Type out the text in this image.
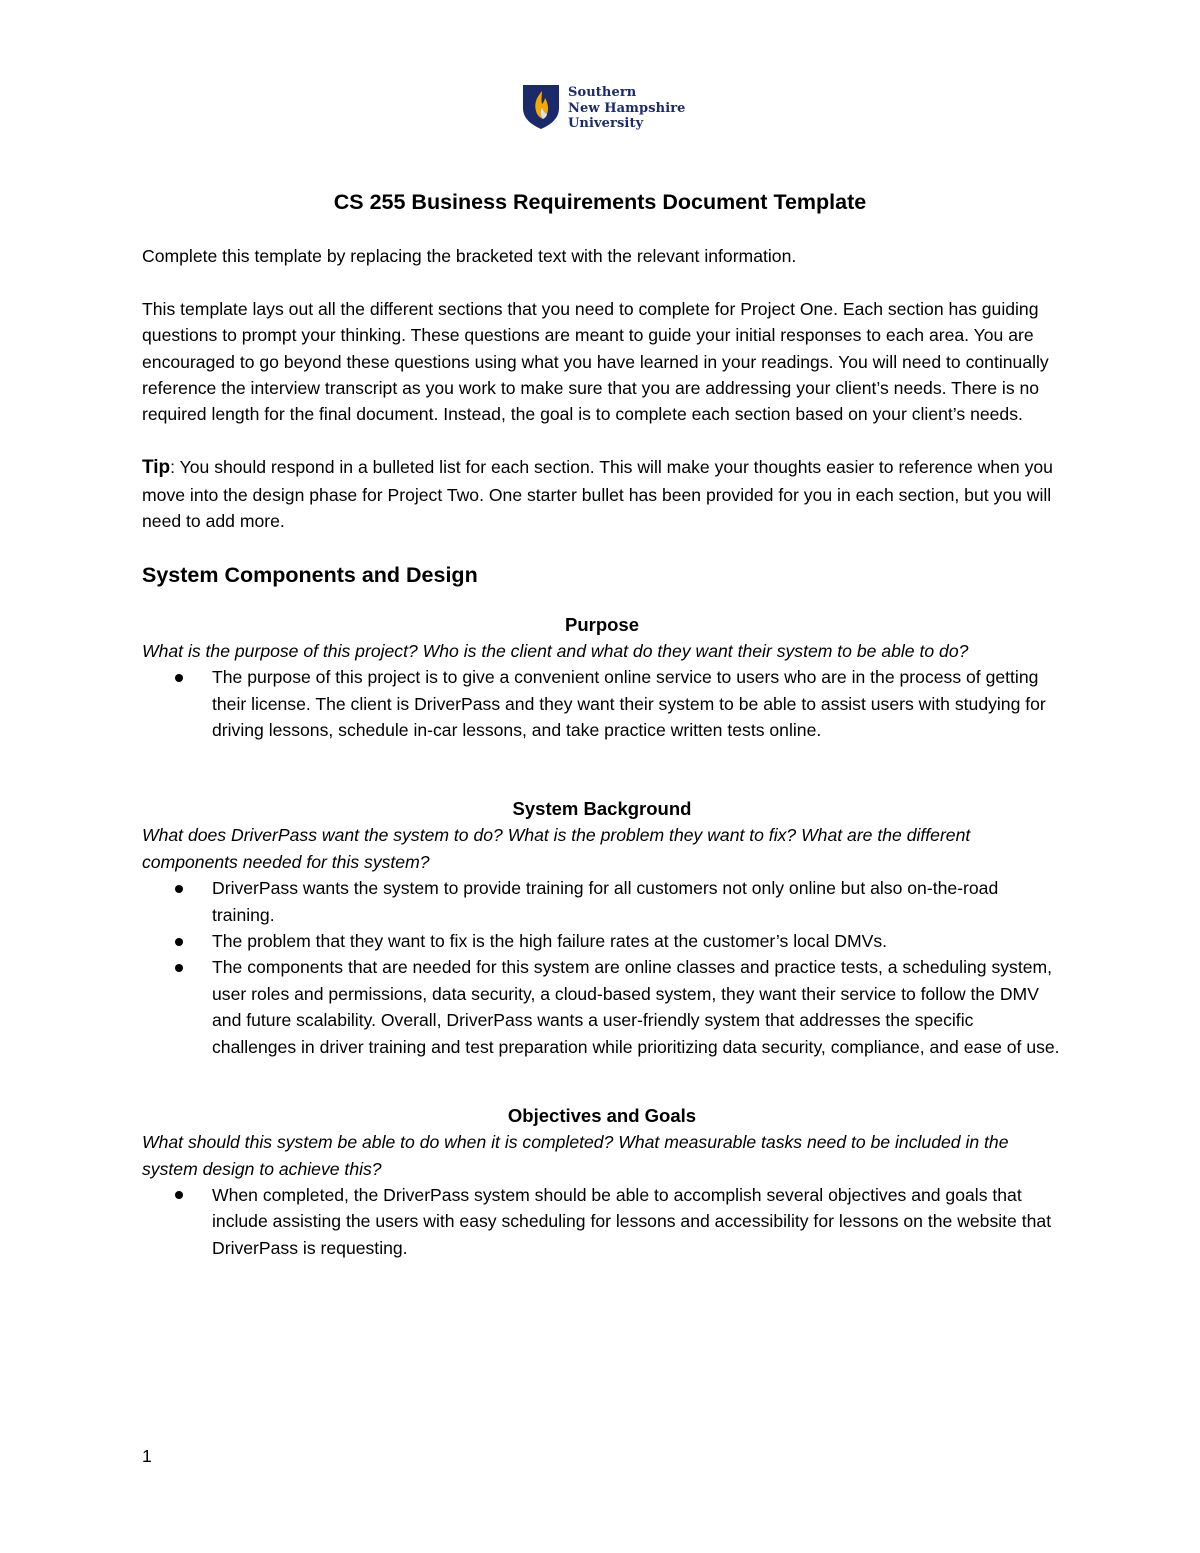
Southern
New Hampshire
University
CS 255 Business Requirements Document Template

Complete this template by replacing the bracketed text with the relevant information.

This template lays out all the different sections that you need to complete for Project One. Each section has guiding questions to prompt your thinking. These questions are meant to guide your initial responses to each area. You are encouraged to go beyond these questions using what you have learned in your readings. You will need to continually reference the interview transcript as you work to make sure that you are addressing your client’s needs. There is no required length for the final document. Instead, the goal is to complete each section based on your client’s needs.

Tip: You should respond in a bulleted list for each section. This will make your thoughts easier to reference when you move into the design phase for Project Two. One starter bullet has been provided for you in each section, but you will need to add more.

System Components and Design
Purpose

What is the purpose of this project? Who is the client and what do they want their system to be able to do?

The purpose of this project is to give a convenient online service to users who are in the process of getting their license. The client is DriverPass and they want their system to be able to assist users with studying for driving lessons, schedule in-car lessons, and take practice written tests online.
System Background

What does DriverPass want the system to do? What is the problem they want to fix? What are the different components needed for this system?

DriverPass wants the system to provide training for all customers not only online but also on-the-road training.
The problem that they want to fix is the high failure rates at the customer’s local DMVs.
The components that are needed for this system are online classes and practice tests, a scheduling system, user roles and permissions, data security, a cloud-based system, they want their service to follow the DMV and future scalability. Overall, DriverPass wants a user-friendly system that addresses the specific challenges in driver training and test preparation while prioritizing data security, compliance, and ease of use.
Objectives and Goals

What should this system be able to do when it is completed? What measurable tasks need to be included in the system design to achieve this?

When completed, the DriverPass system should be able to accomplish several objectives and goals that include assisting the users with easy scheduling for lessons and accessibility for lessons on the website that DriverPass is requesting.
1
